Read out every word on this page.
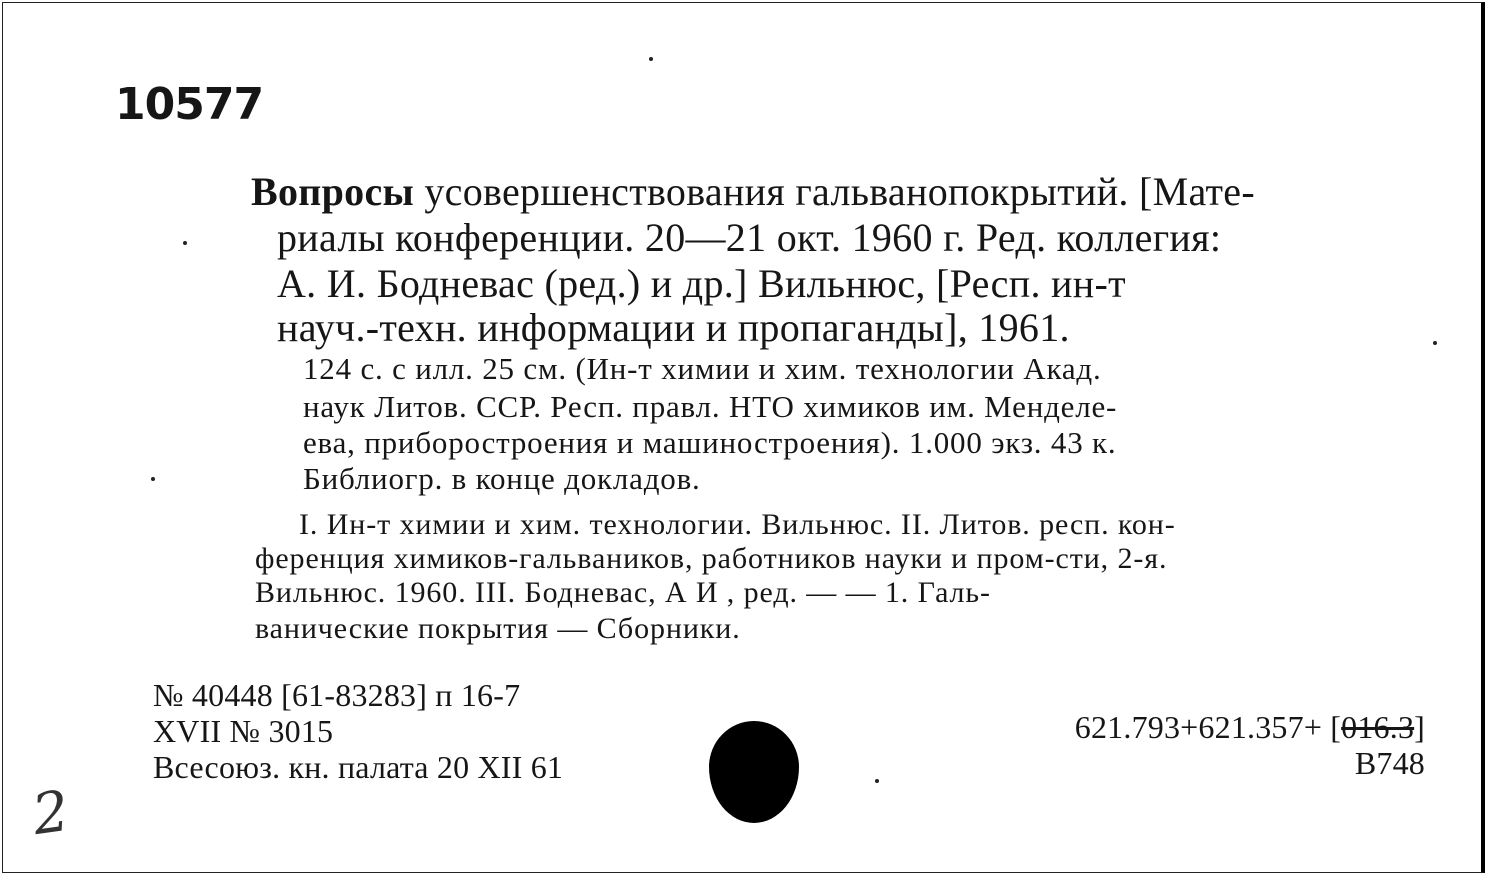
10577
Вопросы усовершенствования гальванопокрытий. [Мате-
риалы конференции. 20—21 окт. 1960 г. Ред. коллегия:
А. И. Бодневас (ред.) и др.] Вильнюс, [Респ. ин-т
науч.-техн. информации и пропаганды], 1961.
124 с. с илл. 25 см. (Ин-т химии и хим. технологии Акад.
наук Литов. ССР. Респ. правл. НТО химиков им. Менделе-
ева, приборостроения и машиностроения). 1.000 экз. 43 к.
Библиогр. в конце докладов.
I. Ин-т химии и хим. технологии. Вильнюс. II. Литов. респ. кон-
ференция химиков-гальваников, работников науки и пром-сти, 2-я.
Вильнюс. 1960. III. Бодневас, А И , ред. — — 1. Галь-
ванические покрытия — Сборники.
№ 40448 [61-83283] п 16-7
XVII № 3015
Всесоюз. кн. палата 20 XII 61
621.793+621.357+ [016.3]
В748
2
